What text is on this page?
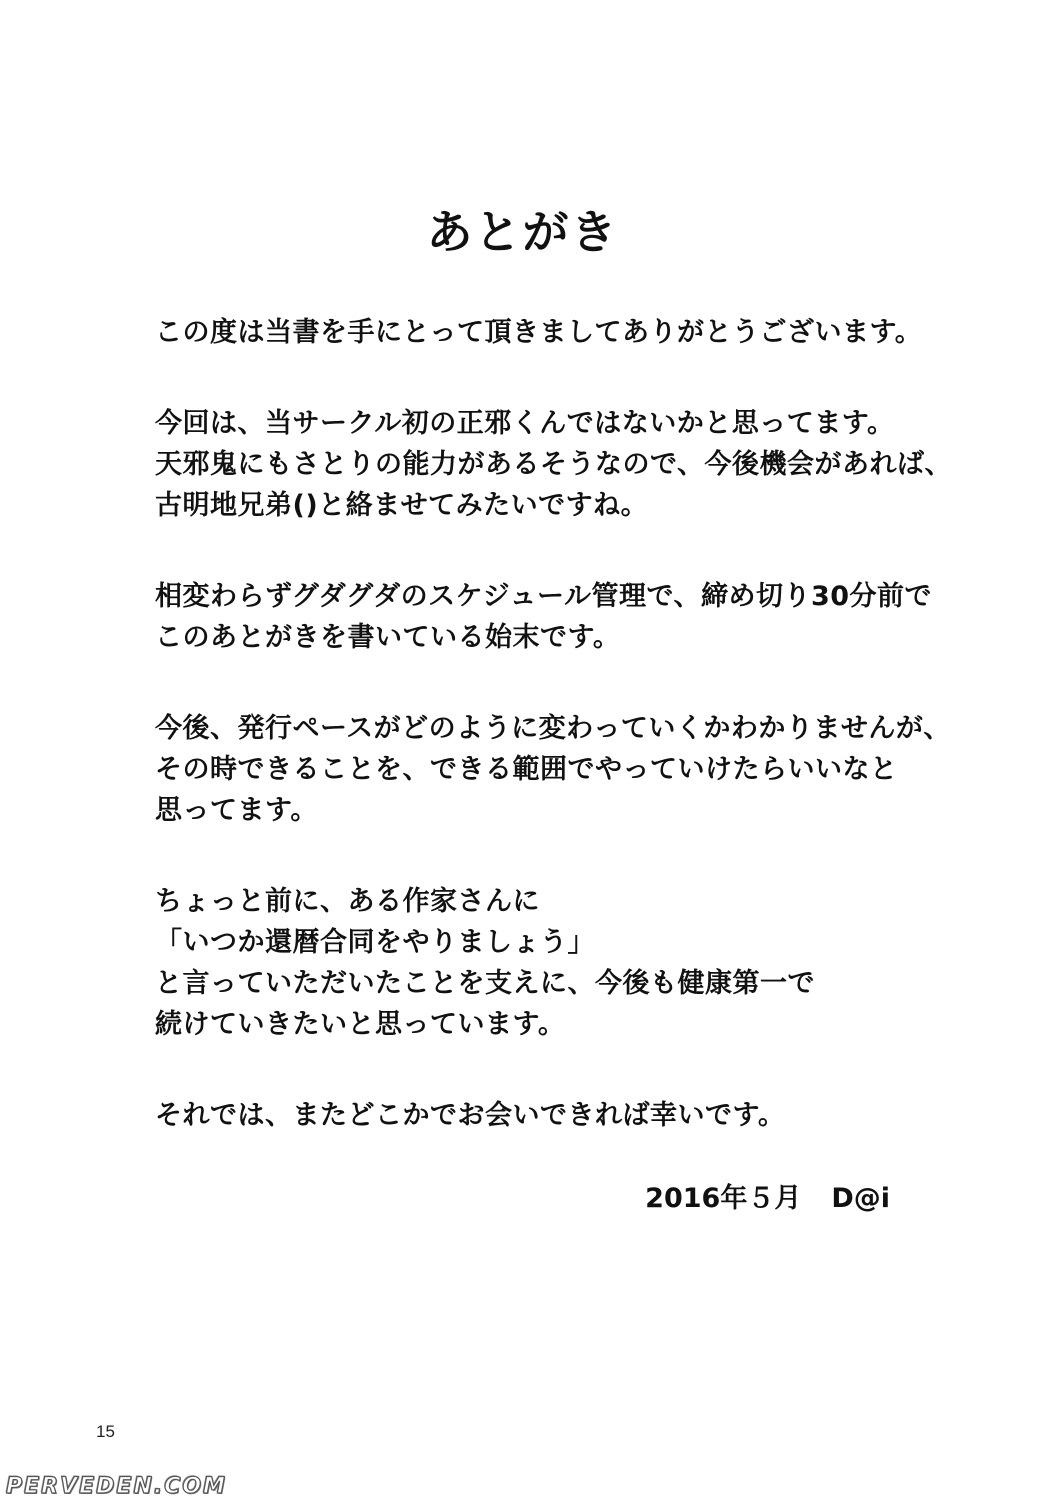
あとがき
この度は当書を手にとって頂きましてありがとうございます。
今回は、当サークル初の正邪くんではないかと思ってます。
天邪鬼にもさとりの能力があるそうなので、今後機会があれば、
古明地兄弟()と絡ませてみたいですね。
相変わらずグダグダのスケジュール管理で、締め切り30分前で
このあとがきを書いている始末です。
今後、発行ペースがどのように変わっていくかわかりませんが、
その時できることを、できる範囲でやっていけたらいいなと
思ってます。
ちょっと前に、ある作家さんに
「いつか還暦合同をやりましょう」
と言っていただいたことを支えに、今後も健康第一で
続けていきたいと思っています。
それでは、またどこかでお会いできれば幸いです。
2016年５月 D@i
15
PERVEDEN.COM
